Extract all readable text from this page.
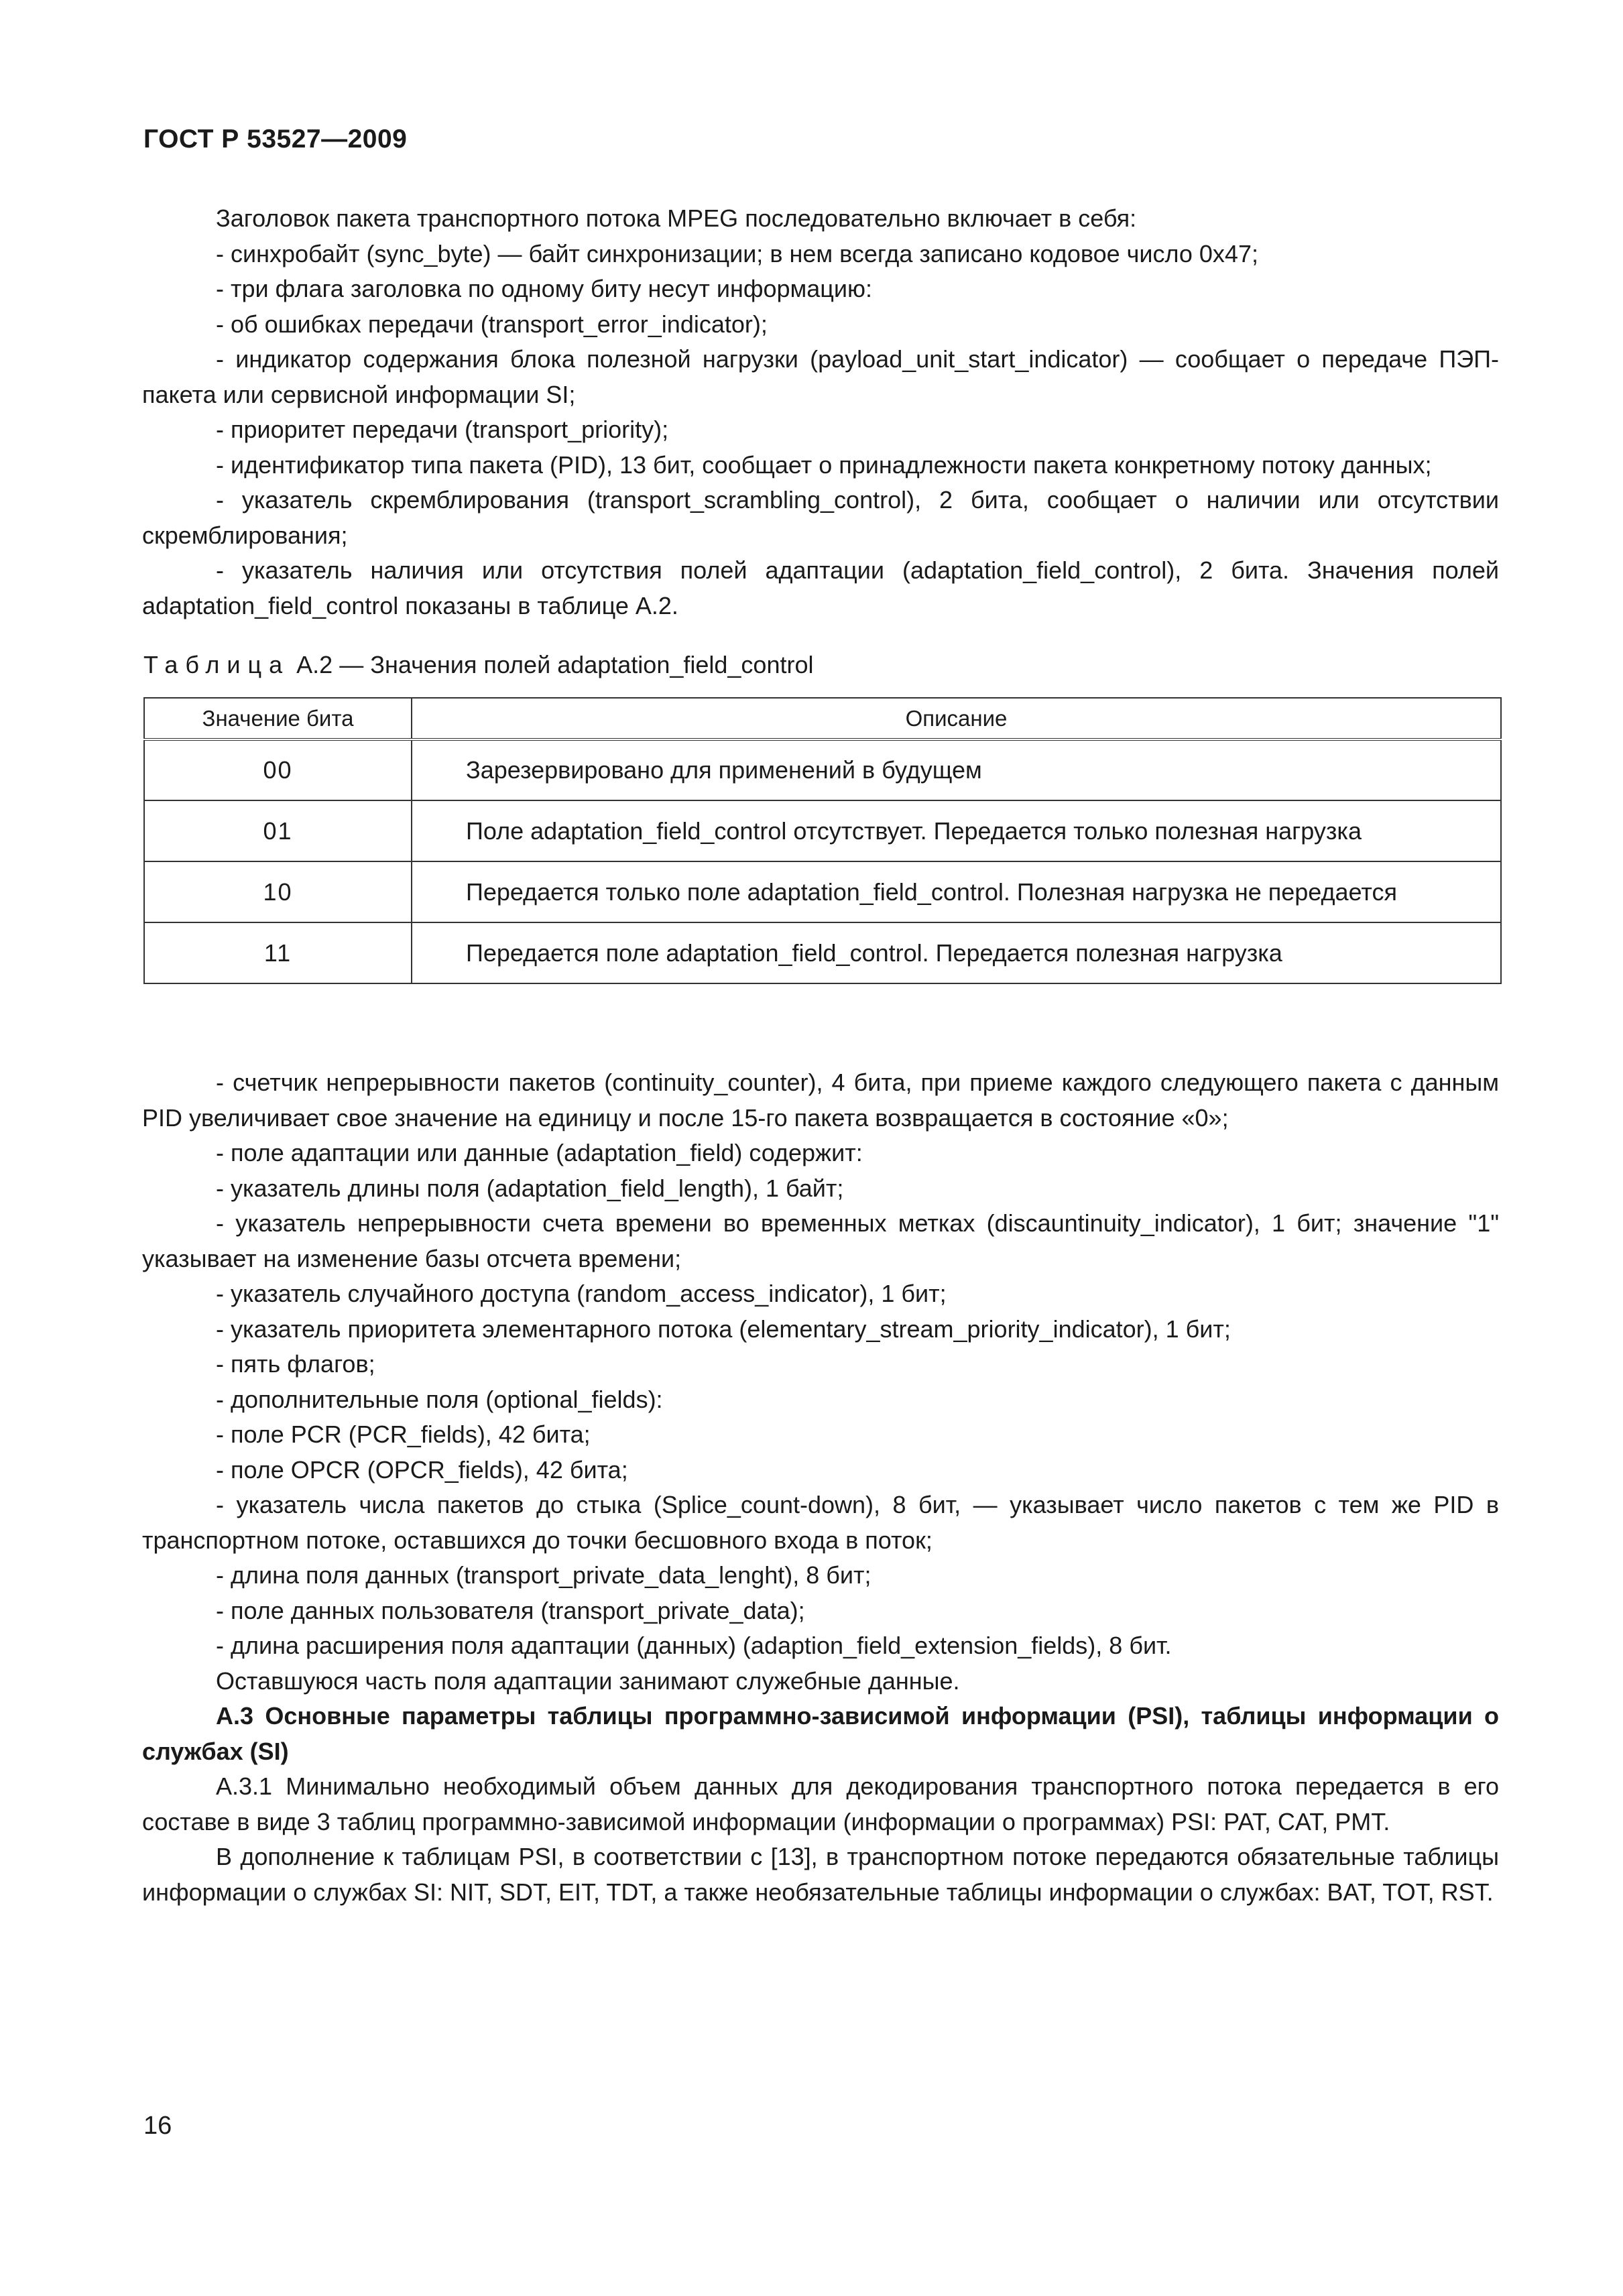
ГОСТ Р 53527—2009

Заголовок пакета транспортного потока MPEG последовательно включает в себя:

- синхробайт (sync_byte) — байт синхронизации; в нем всегда записано кодовое число 0x47;

- три флага заголовка по одному биту несут информацию:

- об ошибках передачи (transport_error_indicator);

- индикатор содержания блока полезной нагрузки (payload_unit_start_indicator) — сообщает о передаче ПЭП-пакета или сервисной информации SI;

- приоритет передачи (transport_priority);

- идентификатор типа пакета (PID), 13 бит, сообщает о принадлежности пакета конкретному потоку данных;

- указатель скремблирования (transport_scrambling_control), 2 бита, сообщает о наличии или отсутствии скремблирования;

- указатель наличия или отсутствия полей адаптации (adaptation_field_control), 2 бита. Значения полей adaptation_field_control показаны в таблице А.2.

Таблица А.2 — Значения полей adaptation_field_control
Значение бита	Описание
00	Зарезервировано для применений в будущем
01	Поле adaptation_field_control отсутствует. Передается только полезная нагрузка
10	Передается только поле adaptation_field_control. Полезная нагрузка не передается
11	Передается поле adaptation_field_control. Передается полезная нагрузка

- счетчик непрерывности пакетов (continuity_counter), 4 бита, при приеме каждого следующего пакета с данным PID увеличивает свое значение на единицу и после 15-го пакета возвращается в состояние «0»;

- поле адаптации или данные (adaptation_field) содержит:

- указатель длины поля (adaptation_field_length), 1 байт;

- указатель непрерывности счета времени во временных метках (discauntinuity_indicator), 1 бит; значение "1" указывает на изменение базы отсчета времени;

- указатель случайного доступа (random_access_indicator), 1 бит;

- указатель приоритета элементарного потока (elementary_stream_priority_indicator), 1 бит;

- пять флагов;

- дополнительные поля (optional_fields):

- поле PCR (PCR_fields), 42 бита;

- поле OPCR (OPCR_fields), 42 бита;

- указатель числа пакетов до стыка (Splice_count-down), 8 бит, — указывает число пакетов с тем же PID в транспортном потоке, оставшихся до точки бесшовного входа в поток;

- длина поля данных (transport_private_data_lenght), 8 бит;

- поле данных пользователя (transport_private_data);

- длина расширения поля адаптации (данных) (adaption_field_extension_fields), 8 бит.

Оставшуюся часть поля адаптации занимают служебные данные.

А.3 Основные параметры таблицы программно-зависимой информации (PSI), таблицы информации о службах (SI)

А.3.1 Минимально необходимый объем данных для декодирования транспортного потока передается в его составе в виде 3 таблиц программно-зависимой информации (информации о программах) PSI: PAT, CAT, PMT.

В дополнение к таблицам PSI, в соответствии с [13], в транспортном потоке передаются обязательные таблицы информации о службах SI: NIT, SDT, EIT, TDT, а также необязательные таблицы информации о службах: BAT, TOT, RST.

16
